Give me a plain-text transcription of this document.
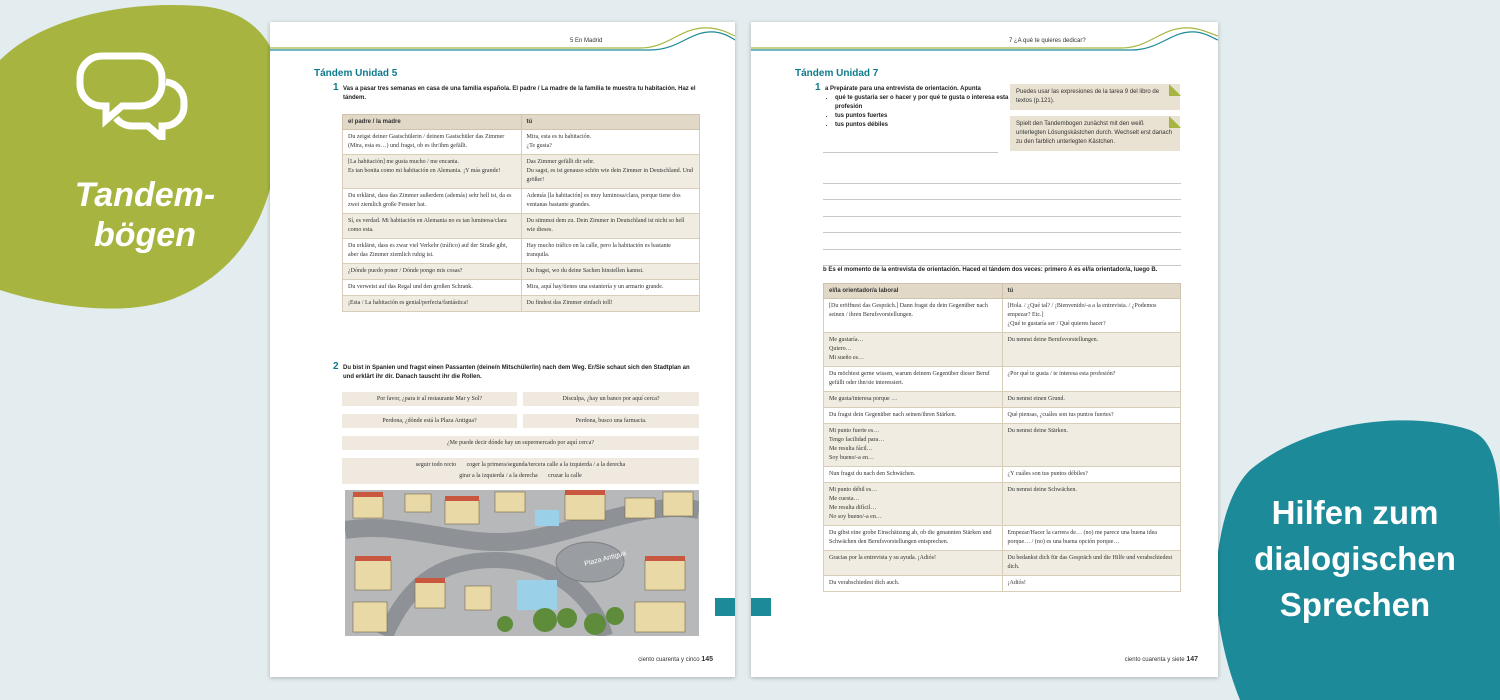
Tandem-
bögen
Hilfen zum
dialogischen
Sprechen
5 En Madrid
Tándem Unidad 5
1 Vas a pasar tres semanas en casa de una familia española. El padre / La madre de la familia te muestra tu habitación. Haz el tándem.
el padre / la madre	tú
Du zeigst deiner Gastschülerin / deinem Gastschüler das Zimmer (Mira, esta es…) und fragst, ob es ihr/ihm gefällt.	Mira, esta es tu habitación.
¿Te gusta?
[La habitación] me gusta mucho / me encanta.
Es tan bonita como mi habitación en Alemania. ¡Y más grande!	Das Zimmer gefällt dir sehr.
Du sagst, es ist genauso schön wie dein Zimmer in Deutschland. Und größer!
Du erklärst, dass das Zimmer außerdem (además) sehr hell ist, da es zwei ziemlich große Fenster hat.	Además [la habitación] es muy luminosa/clara, porque tiene dos ventanas bastante grandes.
Sí, es verdad. Mi habitación en Alemania no es tan luminosa/clara como esta.	Du stimmst dem zu. Dein Zimmer in Deutschland ist nicht so hell wie dieses.
Du erklärst, dass es zwar viel Verkehr (tráfico) auf der Straße gibt, aber das Zimmer ziemlich ruhig ist.	Hay mucho tráfico en la calle, pero la habitación es bastante tranquila.
¿Dónde puedo poner / Dónde pongo mis cosas?	Du fragst, wo du deine Sachen hinstellen kannst.
Du verweist auf das Regal und den großen Schrank.	Mira, aquí hay/tienes una estantería y un armario grande.
¡Esta / La habitación es genial/perfecta/fantástica!	Du findest das Zimmer einfach toll!
2 Du bist in Spanien und fragst einen Passanten (deine/n Mitschüler/in) nach dem Weg. Er/Sie schaut sich den Stadtplan an und erklärt ihr dir. Danach tauscht ihr die Rollen.
Por favor, ¿para ir al restaurante Mar y Sol?	Disculpa, ¿hay un banco por aquí cerca?
Perdona, ¿dónde está la Plaza Antigua?	Perdona, busco una farmacia.
¿Me puede decir dónde hay un supermercado por aquí cerca?
seguir todo recto       coger la primera/segunda/tercera calle a la izquierda / a la derecha
girar a la izquierda / a la derecha       cruzar la calle
Plaza Antigua
ciento cuarenta y cinco 145
7 ¿A qué te quieres dedicar?
Tándem Unidad 7
1 a Prepárate para una entrevista de orientación. Apunta
• qué te gustaría ser o hacer y por qué te gusta o interesa esta profesión
• tus puntos fuertes
• tus puntos débiles
Puedes usar las expresiones de la tarea 9 del libro de textos (p.121).
Spielt den Tandembogen zunächst mit den weiß unterlegten Lösungskästchen durch. Wechselt erst danach zu den farblich unterlegten Kästchen.
b Es el momento de la entrevista de orientación. Haced el tándem dos veces: primero A es el/la orientador/a, luego B.
el/la orientador/a laboral	tú
[Du eröffnest das Gespräch.] Dann fragst du dein Gegenüber nach seinen / ihren Berufsvorstellungen.	[Hola. / ¿Qué tal? / ¡Bienvenido/-a a la entrevista. / ¿Podemos empezar? Etc.]
¿Qué te gustaría ser / Qué quieres hacer?
Me gustaría…
Quiero…
Mi sueño es…	Du nennst deine Berufsvorstellungen.
Du möchtest gerne wissen, warum deinem Gegenüber dieser Beruf gefällt oder ihn/sie interessiert.	¿Por qué te gusta / te interesa esta profesión?
Me gusta/interesa porque …	Du nennst einen Grund.
Du fragst dein Gegenüber nach seinen/ihren Stärken.	Qué piensas, ¿cuáles son tus puntos fuertes?
Mi punto fuerte es…
Tengo facilidad para…
Me resulta fácil…
Soy bueno/-a en…	Du nennst deine Stärken.
Nun fragst du nach den Schwächen.	¿Y cuáles son tus puntos débiles?
Mi punto débil es…
Me cuesta…
Me resulta difícil…
No soy bueno/-a en…	Du nennst deine Schwächen.
Du gibst eine grobe Einschätzung ab, ob die genannten Stärken und Schwächen den Berufsvorstellungen entsprechen.	Empezar/Hacer la carrera de… (no) me parece una buena idea porque… / (no) es una buena opción porque…
Gracias por la entrevista y su ayuda. ¡Adiós!	Du bedankst dich für das Gespräch und die Hilfe und verabschiedest dich.
Du verabschiedest dich auch.	¡Adiós!
ciento cuarenta y siete 147
